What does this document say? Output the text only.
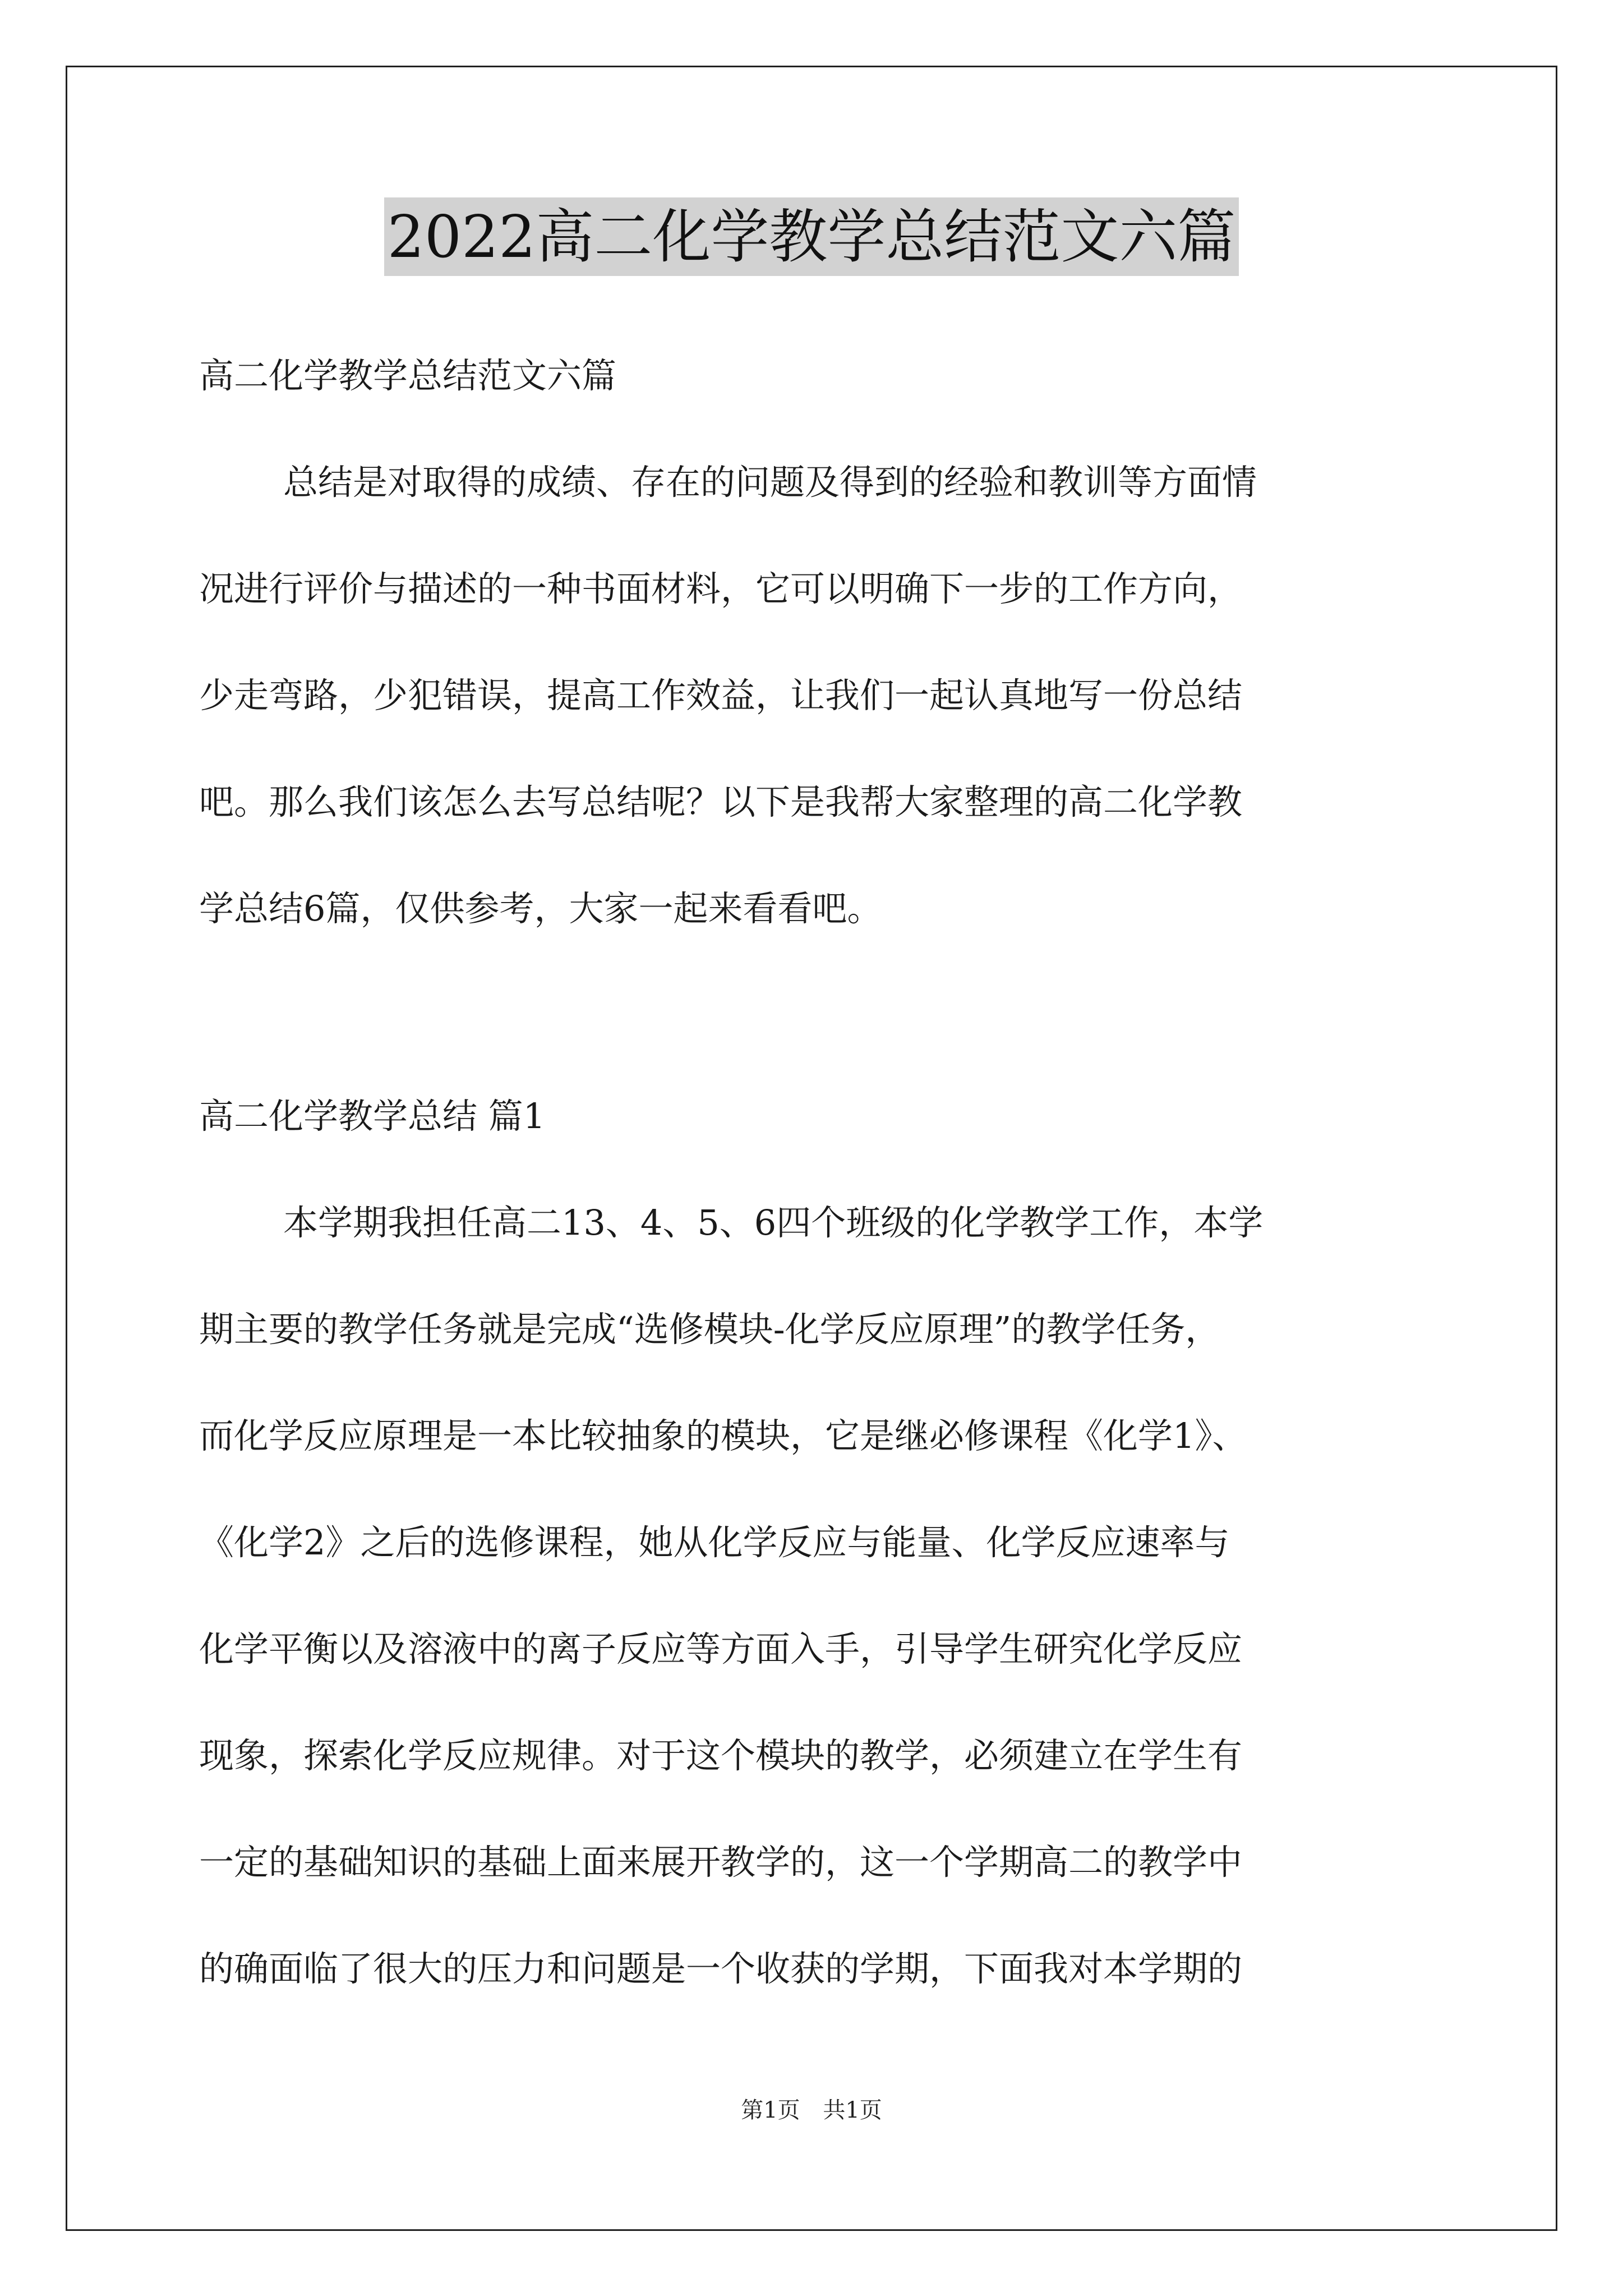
2022高二化学教学总结范文六篇
高二化学教学总结范文六篇
总结是对取得的成绩、存在的问题及得到的经验和教训等方面情
况进行评价与描述的一种书面材料，它可以明确下一步的工作方向，
少走弯路，少犯错误，提高工作效益，让我们一起认真地写一份总结
吧。那么我们该怎么去写总结呢？以下是我帮大家整理的高二化学教
学总结6篇，仅供参考，大家一起来看看吧。
高二化学教学总结 篇1
本学期我担任高二13、4、5、6四个班级的化学教学工作，本学
期主要的教学任务就是完成“选修模块-化学反应原理”的教学任务，
而化学反应原理是一本比较抽象的模块，它是继必修课程《化学1》、
《化学2》之后的选修课程，她从化学反应与能量、化学反应速率与
化学平衡以及溶液中的离子反应等方面入手，引导学生研究化学反应
现象，探索化学反应规律。对于这个模块的教学，必须建立在学生有
一定的基础知识的基础上面来展开教学的，这一个学期高二的教学中
的确面临了很大的压力和问题是一个收获的学期，下面我对本学期的
第1页 共1页
